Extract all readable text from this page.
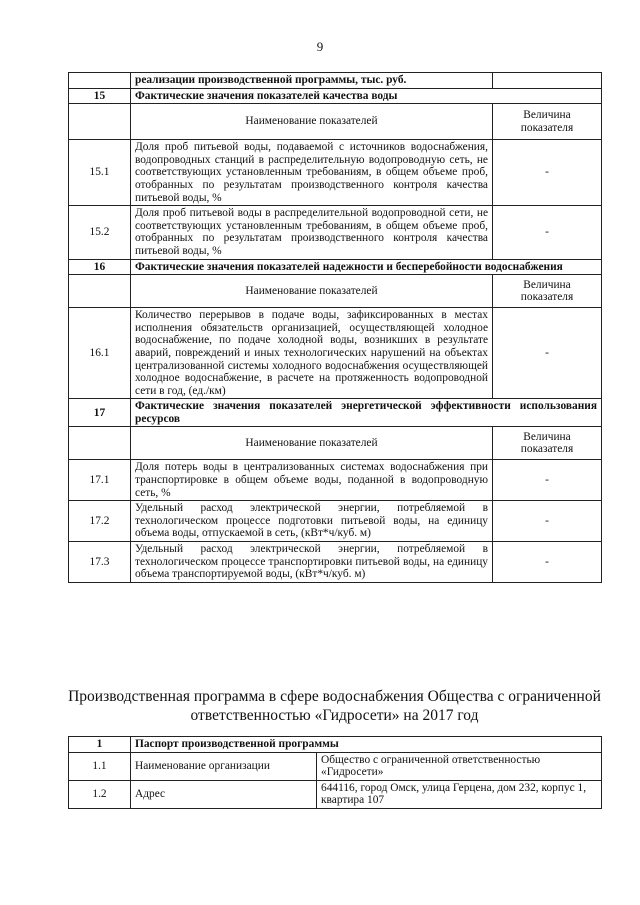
9
	реализации производственной программы, тыс. руб.	
15	Фактические значения показателей качества воды	
	Наименование показателей	Величина показателя
15.1	Доля проб питьевой воды, подаваемой с источников водоснабжения, водопроводных станций в распределительную водопроводную сеть, не соответствующих установленным требованиям, в общем объеме проб, отобранных по результатам производственного контроля качества питьевой воды, %	-
15.2	Доля проб питьевой воды в распределительной водопроводной сети, не соответствующих установленным требованиям, в общем объеме проб, отобранных по результатам производственного контроля качества питьевой воды, %	-
16	Фактические значения показателей надежности и бесперебойности водоснабжения	
	Наименование показателей	Величина показателя
16.1	Количество перерывов в подаче воды, зафиксированных в местах исполнения обязательств организацией, осуществляющей холодное водоснабжение, по подаче холодной воды, возникших в результате аварий, повреждений и иных технологических нарушений на объектах централизованной системы холодного водоснабжения осуществляющей холодное водоснабжение, в расчете на протяженность водопроводной сети в год, (ед./км)	-
17	Фактические значения показателей энергетической эффективности использования ресурсов	
	Наименование показателей	Величина показателя
17.1	Доля потерь воды в централизованных системах водоснабжения при транспортировке в общем объеме воды, поданной в водопроводную сеть, %	-
17.2	Удельный расход электрической энергии, потребляемой в технологическом процессе подготовки питьевой воды, на единицу объема воды, отпускаемой в сеть, (кВт*ч/куб. м)	-
17.3	Удельный расход электрической энергии, потребляемой в технологическом процессе транспортировки питьевой воды, на единицу объема транспортируемой воды, (кВт*ч/куб. м)	-
Производственная программа в сфере водоснабжения Общества с ограниченной ответственностью «Гидросети» на 2017 год
1	Паспорт производственной программы	
1.1	Наименование организации	Общество с ограниченной ответственностью «Гидросети»
1.2	Адрес	644116, город Омск, улица Герцена, дом 232, корпус 1, квартира 107
